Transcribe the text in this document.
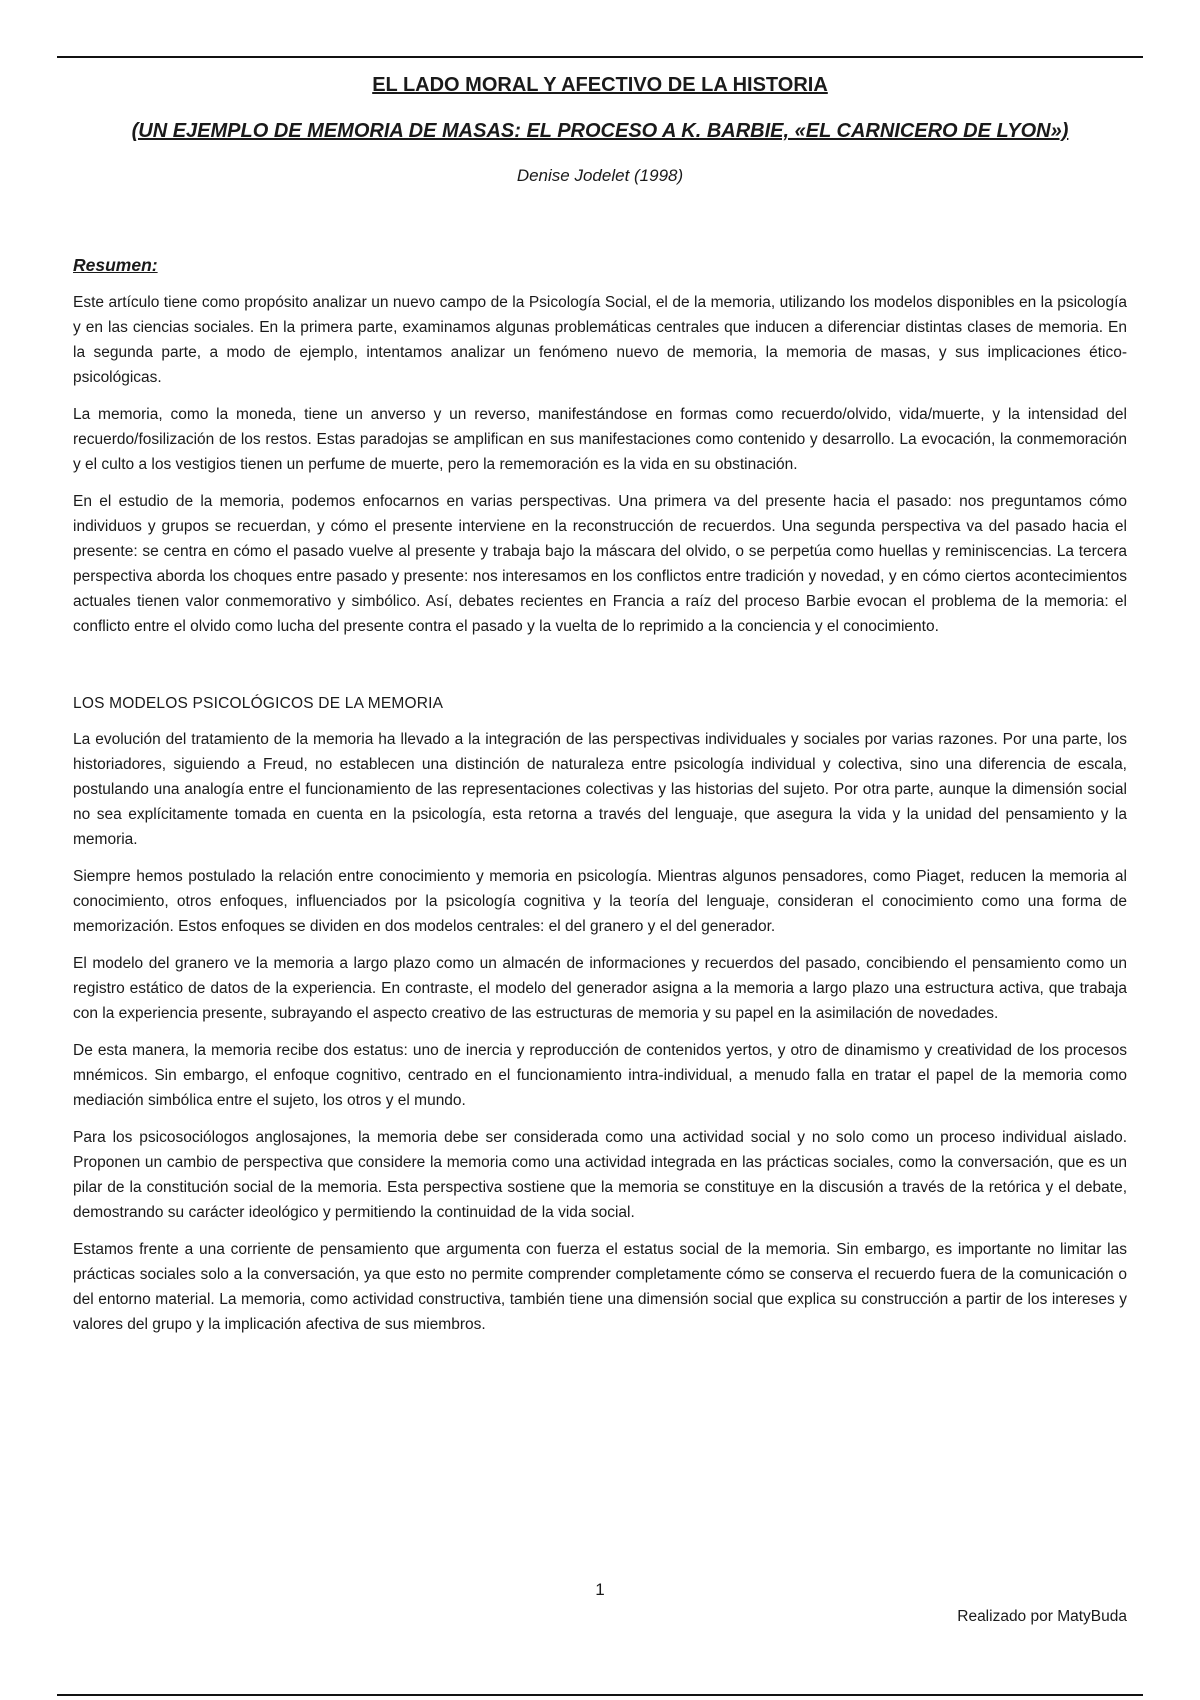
EL LADO MORAL Y AFECTIVO DE LA HISTORIA
(UN EJEMPLO DE MEMORIA DE MASAS: EL PROCESO A K. BARBIE, «EL CARNICERO DE LYON»)
Denise Jodelet (1998)
Resumen:

Este artículo tiene como propósito analizar un nuevo campo de la Psicología Social, el de la memoria, utilizando los modelos disponibles en la psicología y en las ciencias sociales. En la primera parte, examinamos algunas problemáticas centrales que inducen a diferenciar distintas clases de memoria. En la segunda parte, a modo de ejemplo, intentamos analizar un fenómeno nuevo de memoria, la memoria de masas, y sus implicaciones ético-psicológicas.

La memoria, como la moneda, tiene un anverso y un reverso, manifestándose en formas como recuerdo/olvido, vida/muerte, y la intensidad del recuerdo/fosilización de los restos. Estas paradojas se amplifican en sus manifestaciones como contenido y desarrollo. La evocación, la conmemoración y el culto a los vestigios tienen un perfume de muerte, pero la rememoración es la vida en su obstinación.

En el estudio de la memoria, podemos enfocarnos en varias perspectivas. Una primera va del presente hacia el pasado: nos preguntamos cómo individuos y grupos se recuerdan, y cómo el presente interviene en la reconstrucción de recuerdos. Una segunda perspectiva va del pasado hacia el presente: se centra en cómo el pasado vuelve al presente y trabaja bajo la máscara del olvido, o se perpetúa como huellas y reminiscencias. La tercera perspectiva aborda los choques entre pasado y presente: nos interesamos en los conflictos entre tradición y novedad, y en cómo ciertos acontecimientos actuales tienen valor conmemorativo y simbólico. Así, debates recientes en Francia a raíz del proceso Barbie evocan el problema de la memoria: el conflicto entre el olvido como lucha del presente contra el pasado y la vuelta de lo reprimido a la conciencia y el conocimiento.

LOS MODELOS PSICOLÓGICOS DE LA MEMORIA

La evolución del tratamiento de la memoria ha llevado a la integración de las perspectivas individuales y sociales por varias razones. Por una parte, los historiadores, siguiendo a Freud, no establecen una distinción de naturaleza entre psicología individual y colectiva, sino una diferencia de escala, postulando una analogía entre el funcionamiento de las representaciones colectivas y las historias del sujeto. Por otra parte, aunque la dimensión social no sea explícitamente tomada en cuenta en la psicología, esta retorna a través del lenguaje, que asegura la vida y la unidad del pensamiento y la memoria.

Siempre hemos postulado la relación entre conocimiento y memoria en psicología. Mientras algunos pensadores, como Piaget, reducen la memoria al conocimiento, otros enfoques, influenciados por la psicología cognitiva y la teoría del lenguaje, consideran el conocimiento como una forma de memorización. Estos enfoques se dividen en dos modelos centrales: el del granero y el del generador.

El modelo del granero ve la memoria a largo plazo como un almacén de informaciones y recuerdos del pasado, concibiendo el pensamiento como un registro estático de datos de la experiencia. En contraste, el modelo del generador asigna a la memoria a largo plazo una estructura activa, que trabaja con la experiencia presente, subrayando el aspecto creativo de las estructuras de memoria y su papel en la asimilación de novedades.

De esta manera, la memoria recibe dos estatus: uno de inercia y reproducción de contenidos yertos, y otro de dinamismo y creatividad de los procesos mnémicos. Sin embargo, el enfoque cognitivo, centrado en el funcionamiento intra-individual, a menudo falla en tratar el papel de la memoria como mediación simbólica entre el sujeto, los otros y el mundo.

Para los psicosociólogos anglosajones, la memoria debe ser considerada como una actividad social y no solo como un proceso individual aislado. Proponen un cambio de perspectiva que considere la memoria como una actividad integrada en las prácticas sociales, como la conversación, que es un pilar de la constitución social de la memoria. Esta perspectiva sostiene que la memoria se constituye en la discusión a través de la retórica y el debate, demostrando su carácter ideológico y permitiendo la continuidad de la vida social.

Estamos frente a una corriente de pensamiento que argumenta con fuerza el estatus social de la memoria. Sin embargo, es importante no limitar las prácticas sociales solo a la conversación, ya que esto no permite comprender completamente cómo se conserva el recuerdo fuera de la comunicación o del entorno material. La memoria, como actividad constructiva, también tiene una dimensión social que explica su construcción a partir de los intereses y valores del grupo y la implicación afectiva de sus miembros.

1
Realizado por MatyBuda
